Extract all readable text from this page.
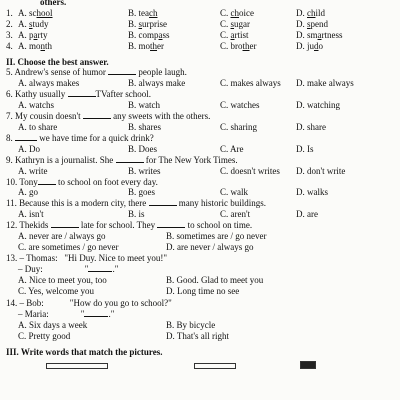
others.
1. A. school	B. teach	C. choice	D. child
2. A. study	B. surprise	C. sugar	D. spend
3. A. party	B. compass	C. artist	D. smartness
4. A. month	B. mother	C. brother	D. judo
II. Choose the best answer.
5. Andrew's sense of humor	people laugh.
A. always makes	B. always make	C. makes always	D. make always
6. Kathy usually	TVafter school.
A. watchs	B. watch	C. watches	D. watching
7. My cousin doesn't	any sweets with the others.
A. to share	B. shares	C. sharing	D. share
8.	we have time for a quick drink?
A. Do	B. Does	C. Are	D. Is
9. Kathryn is a journalist. She	for The New York Times.
A. write	B. writes	C. doesn't writes	D. don't write
10. Tony to school on foot every day.
A. go	B. goes	C. walk	D. walks
11. Because this is a modern city, there	many historic buildings.
A. isn't	B. is	C. aren't	D. are
12. Thekids	late for school. They	to school on time.
A. never are / always go	B. sometimes are / go never
C. are sometimes / go never	D. are never / always go
13. – Thomas: "Hi Duy. Nice to meet you!"
– Duy:	"	."
A. Nice to meet you, too	B. Good. Glad to meet you
C. Yes, welcome you	D. Long time no see
14. – Bob:	"How do you go to school?"
– Maria:	"	."
A. Six days a week	B. By bicycle
C. Pretty good	D. That's all right
III. Write words that match the pictures.
